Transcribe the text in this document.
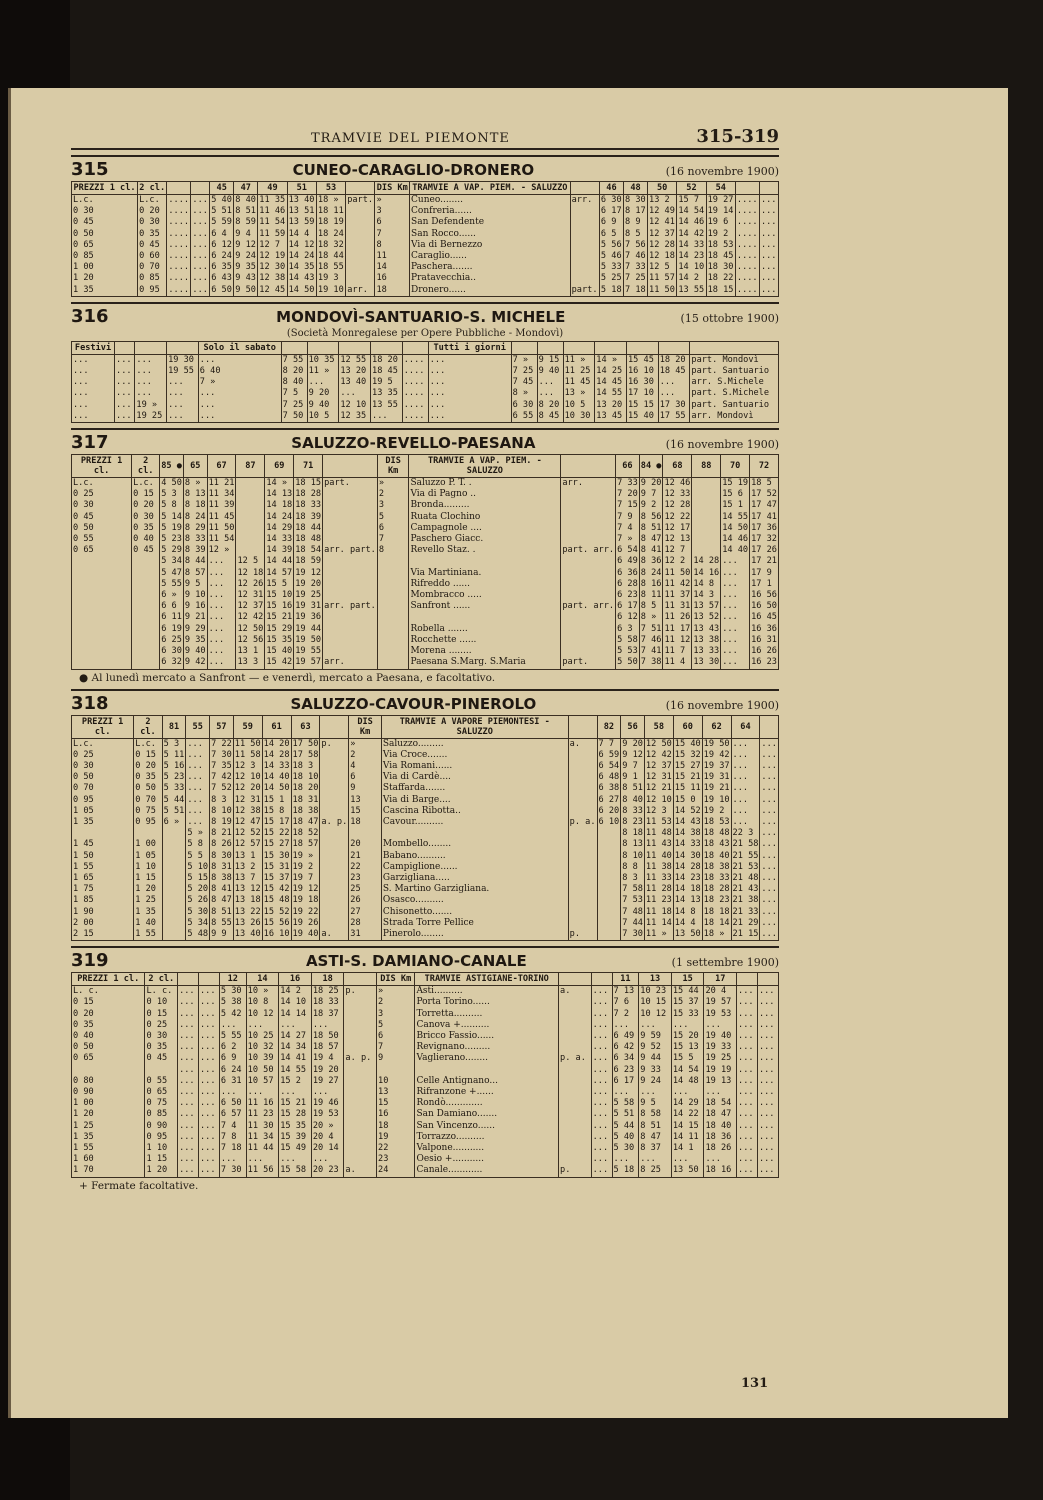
TRAMVIE DEL PIEMONTE	315-319
315	CUNEO-CARAGLIO-DRONERO	(16 novembre 1900)
PREZZI 1 cl.	2 cl.			45	47	49	51	53		DIS Km	TRAMVIE A VAP. PIEM. - SALUZZO		46	48	50	52	54		
L.c.	L.c.	....	...	5 40	8 40	11 35	13 40	18 »	part.	»	Cuneo........	arr.	6 30	8 30	13 2	15 7	19 27	....	...
0 30	0 20	....	...	5 51	8 51	11 46	13 51	18 11		3	Confreria......		6 17	8 17	12 49	14 54	19 14	....	...
0 45	0 30	....	...	5 59	8 59	11 54	13 59	18 19		6	San Defendente		6 9	8 9	12 41	14 46	19 6	....	...
0 50	0 35	....	...	6 4	9 4	11 59	14 4	18 24		7	San Rocco......		6 5	8 5	12 37	14 42	19 2	....	...
0 65	0 45	....	...	6 12	9 12	12 7	14 12	18 32		8	Via di Bernezzo		5 56	7 56	12 28	14 33	18 53	....	...
0 85	0 60	....	...	6 24	9 24	12 19	14 24	18 44		11	Caraglio......		5 46	7 46	12 18	14 23	18 45	....	...
1 00	0 70	....	...	6 35	9 35	12 30	14 35	18 55		14	Paschera.......		5 33	7 33	12 5	14 10	18 30	....	...
1 20	0 85	....	...	6 43	9 43	12 38	14 43	19 3		16	Pratavecchia..		5 25	7 25	11 57	14 2	18 22	....	...
1 35	0 95	....	...	6 50	9 50	12 45	14 50	19 10	arr.	18	Dronero......	part.	5 18	7 18	11 50	13 55	18 15	....	...
316	MONDOVÌ-SANTUARIO-S. MICHELE	(15 ottobre 1900)
(Società Monregalese per Opere Pubbliche - Mondovì)
Festivi				Solo il sabato						Tutti i giorni							
...	...	...	19 30	...	7 55	10 35	12 55	18 20	....	...	7 »	9 15	11 »	14 »	15 45	18 20	part. Mondovì
...	...	...	19 55	6 40	8 20	11 »	13 20	18 45	....	...	7 25	9 40	11 25	14 25	16 10	18 45	part. Santuario
...	...	...	...	7 »	8 40	...	13 40	19 5	....	...	7 45	...	11 45	14 45	16 30	...	arr. S.Michele
...	...	...	...	...	7 5	9 20	...	13 35	....	...	8 »	...	13 »	14 55	17 10	...	part. S.Michele
...	...	19 »	...	...	7 25	9 40	12 10	13 55	....	...	6 30	8 20	10 5	13 20	15 15	17 30	part. Santuario
...	...	19 25	...	...	7 50	10 5	12 35	...	....	...	6 55	8 45	10 30	13 45	15 40	17 55	arr. Mondovì
317	SALUZZO-REVELLO-PAESANA	(16 novembre 1900)
PREZZI 1 cl.	2 cl.	85 ●	65	67	87	69	71		DIS Km	TRAMVIE A VAP. PIEM. - SALUZZO		66	84 ●	68	88	70	72
L.c.	L.c.	4 50	8 »	11 21		14 »	18 15	part.	»	Saluzzo P. T. .	arr.	7 33	9 20	12 46		15 19	18 5
0 25	0 15	5 3	8 13	11 34		14 13	18 28		2	Via di Pagno ..		7 20	9 7	12 33		15 6	17 52
0 30	0 20	5 8	8 18	11 39		14 18	18 33		3	Bronda.........		7 15	9 2	12 28		15 1	17 47
0 45	0 30	5 14	8 24	11 45		14 24	18 39		5	Ruata Clochino		7 9	8 56	12 22		14 55	17 41
0 50	0 35	5 19	8 29	11 50		14 29	18 44		6	Campagnole ....		7 4	8 51	12 17		14 50	17 36
0 55	0 40	5 23	8 33	11 54		14 33	18 48		7	Paschero Giacc.		7 »	8 47	12 13		14 46	17 32
0 65	0 45	5 29	8 39	12 »		14 39	18 54	arr. part.	8	Revello Staz. .	part. arr.	6 54	8 41	12 7		14 40	17 26
		5 34	8 44	...	12 5	14 44	18 59					6 49	8 36	12 2	14 28	...	17 21
		5 47	8 57	...	12 18	14 57	19 12			Via Martiniana.		6 36	8 24	11 50	14 16	...	17 9
		5 55	9 5	...	12 26	15 5	19 20			Rifreddo ......		6 28	8 16	11 42	14 8	...	17 1
		6 »	9 10	...	12 31	15 10	19 25			Mombracco .....		6 23	8 11	11 37	14 3	...	16 56
		6 6	9 16	...	12 37	15 16	19 31	arr. part.		Sanfront ......	part. arr.	6 17	8 5	11 31	13 57	...	16 50
		6 11	9 21	...	12 42	15 21	19 36					6 12	8 »	11 26	13 52	...	16 45
		6 19	9 29	...	12 50	15 29	19 44			Robella .......		6 3	7 51	11 17	13 43	...	16 36
		6 25	9 35	...	12 56	15 35	19 50			Rocchette ......		5 58	7 46	11 12	13 38	...	16 31
		6 30	9 40	...	13 1	15 40	19 55			Morena ........		5 53	7 41	11 7	13 33	...	16 26
		6 32	9 42	...	13 3	15 42	19 57	arr.		Paesana S.Marg. S.Maria	part.	5 50	7 38	11 4	13 30	...	16 23
● Al lunedì mercato a Sanfront — e venerdì, mercato a Paesana, e facoltativo.
318	SALUZZO-CAVOUR-PINEROLO	(16 novembre 1900)
PREZZI 1 cl.	2 cl.	81	55	57	59	61	63		DIS Km	TRAMVIE A VAPORE PIEMONTESI - SALUZZO		82	56	58	60	62	64	
L.c.	L.c.	5 3	...	7 22	11 50	14 20	17 50	p.	»	Saluzzo.........	a.	7 7	9 20	12 50	15 40	19 50	...	...
0 25	0 15	5 11	...	7 30	11 58	14 28	17 58		2	Via Croce.......		6 59	9 12	12 42	15 32	19 42	...	...
0 30	0 20	5 16	...	7 35	12 3	14 33	18 3		4	Via Romani......		6 54	9 7	12 37	15 27	19 37	...	...
0 50	0 35	5 23	...	7 42	12 10	14 40	18 10		6	Via di Cardè....		6 48	9 1	12 31	15 21	19 31	...	...
0 70	0 50	5 33	...	7 52	12 20	14 50	18 20		9	Staffarda.......		6 38	8 51	12 21	15 11	19 21	...	...
0 95	0 70	5 44	...	8 3	12 31	15 1	18 31		13	Via di Barge....		6 27	8 40	12 10	15 0	19 10	...	...
1 05	0 75	5 51	...	8 10	12 38	15 8	18 38		15	Cascina Ribotta..		6 20	8 33	12 3	14 52	19 2	...	...
1 35	0 95	6 »	...	8 19	12 47	15 17	18 47	a. p.	18	Cavour..........	p. a.	6 10	8 23	11 53	14 43	18 53	...	...
			5 »	8 21	12 52	15 22	18 52						8 18	11 48	14 38	18 48	22 3	...
1 45	1 00		5 8	8 26	12 57	15 27	18 57		20	Mombello........			8 13	11 43	14 33	18 43	21 58	...
1 50	1 05		5 5	8 30	13 1	15 30	19 »		21	Babano..........			8 10	11 40	14 30	18 40	21 55	...
1 55	1 10		5 10	8 31	13 2	15 31	19 2		22	Campiglione......			8 8	11 38	14 28	18 38	21 53	...
1 65	1 15		5 15	8 38	13 7	15 37	19 7		23	Garzigliana.....			8 3	11 33	14 23	18 33	21 48	...
1 75	1 20		5 20	8 41	13 12	15 42	19 12		25	S. Martino Garzigliana.			7 58	11 28	14 18	18 28	21 43	...
1 85	1 25		5 26	8 47	13 18	15 48	19 18		26	Osasco..........			7 53	11 23	14 13	18 23	21 38	...
1 90	1 35		5 30	8 51	13 22	15 52	19 22		27	Chisonetto.......			7 48	11 18	14 8	18 18	21 33	...
2 00	1 40		5 34	8 55	13 26	15 56	19 26		28	Strada Torre Pellice			7 44	11 14	14 4	18 14	21 29	...
2 15	1 55		5 48	9 9	13 40	16 10	19 40	a.	31	Pinerolo........	p.		7 30	11 »	13 50	18 »	21 15	...
319	ASTI-S. DAMIANO-CANALE	(1 settembre 1900)
PREZZI 1 cl.	2 cl.			12	14	16	18		DIS Km	TRAMVIE ASTIGIANE-TORINO			11	13	15	17		
L. c.	L. c.	...	...	5 30	10 »	14 2	18 25	p.	»	Asti..........	a.	...	7 13	10 23	15 44	20 4	...	...
0 15	0 10	...	...	5 38	10 8	14 10	18 33		2	Porta Torino......		...	7 6	10 15	15 37	19 57	...	...
0 20	0 15	...	...	5 42	10 12	14 14	18 37		3	Torretta..........		...	7 2	10 12	15 33	19 53	...	...
0 35	0 25	...	...	...	...	...	...		5	Canova +..........		...	...	...	...	...	...	...
0 40	0 30	...	...	5 55	10 25	14 27	18 50		6	Bricco Fassio......		...	6 49	9 59	15 20	19 40	...	...
0 50	0 35	...	...	6 2	10 32	14 34	18 57		7	Revignano.........		...	6 42	9 52	15 13	19 33	...	...
0 65	0 45	...	...	6 9	10 39	14 41	19 4	a. p.	9	Vaglierano........	p. a.	...	6 34	9 44	15 5	19 25	...	...
		...	...	6 24	10 50	14 55	19 20					...	6 23	9 33	14 54	19 19	...	...
0 80	0 55	...	...	6 31	10 57	15 2	19 27		10	Celle Antignano...		...	6 17	9 24	14 48	19 13	...	...
0 90	0 65	...	...	...	...	...	...		13	Rifranzone +......		...	...	...	...	...	...	...
1 00	0 75	...	...	6 50	11 16	15 21	19 46		15	Rondò.............		...	5 58	9 5	14 29	18 54	...	...
1 20	0 85	...	...	6 57	11 23	15 28	19 53		16	San Damiano.......		...	5 51	8 58	14 22	18 47	...	...
1 25	0 90	...	...	7 4	11 30	15 35	20 »		18	San Vincenzo......		...	5 44	8 51	14 15	18 40	...	...
1 35	0 95	...	...	7 8	11 34	15 39	20 4		19	Torrazzo..........		...	5 40	8 47	14 11	18 36	...	...
1 55	1 10	...	...	7 18	11 44	15 49	20 14		22	Valpone...........		...	5 30	8 37	14 1	18 26	...	...
1 60	1 15	...	...	...	...	...	...		23	Oesio +...........		...	...	...	...	...	...	...
1 70	1 20	...	...	7 30	11 56	15 58	20 23	a.	24	Canale............	p.	...	5 18	8 25	13 50	18 16	...	...
+ Fermate facoltative.
131
